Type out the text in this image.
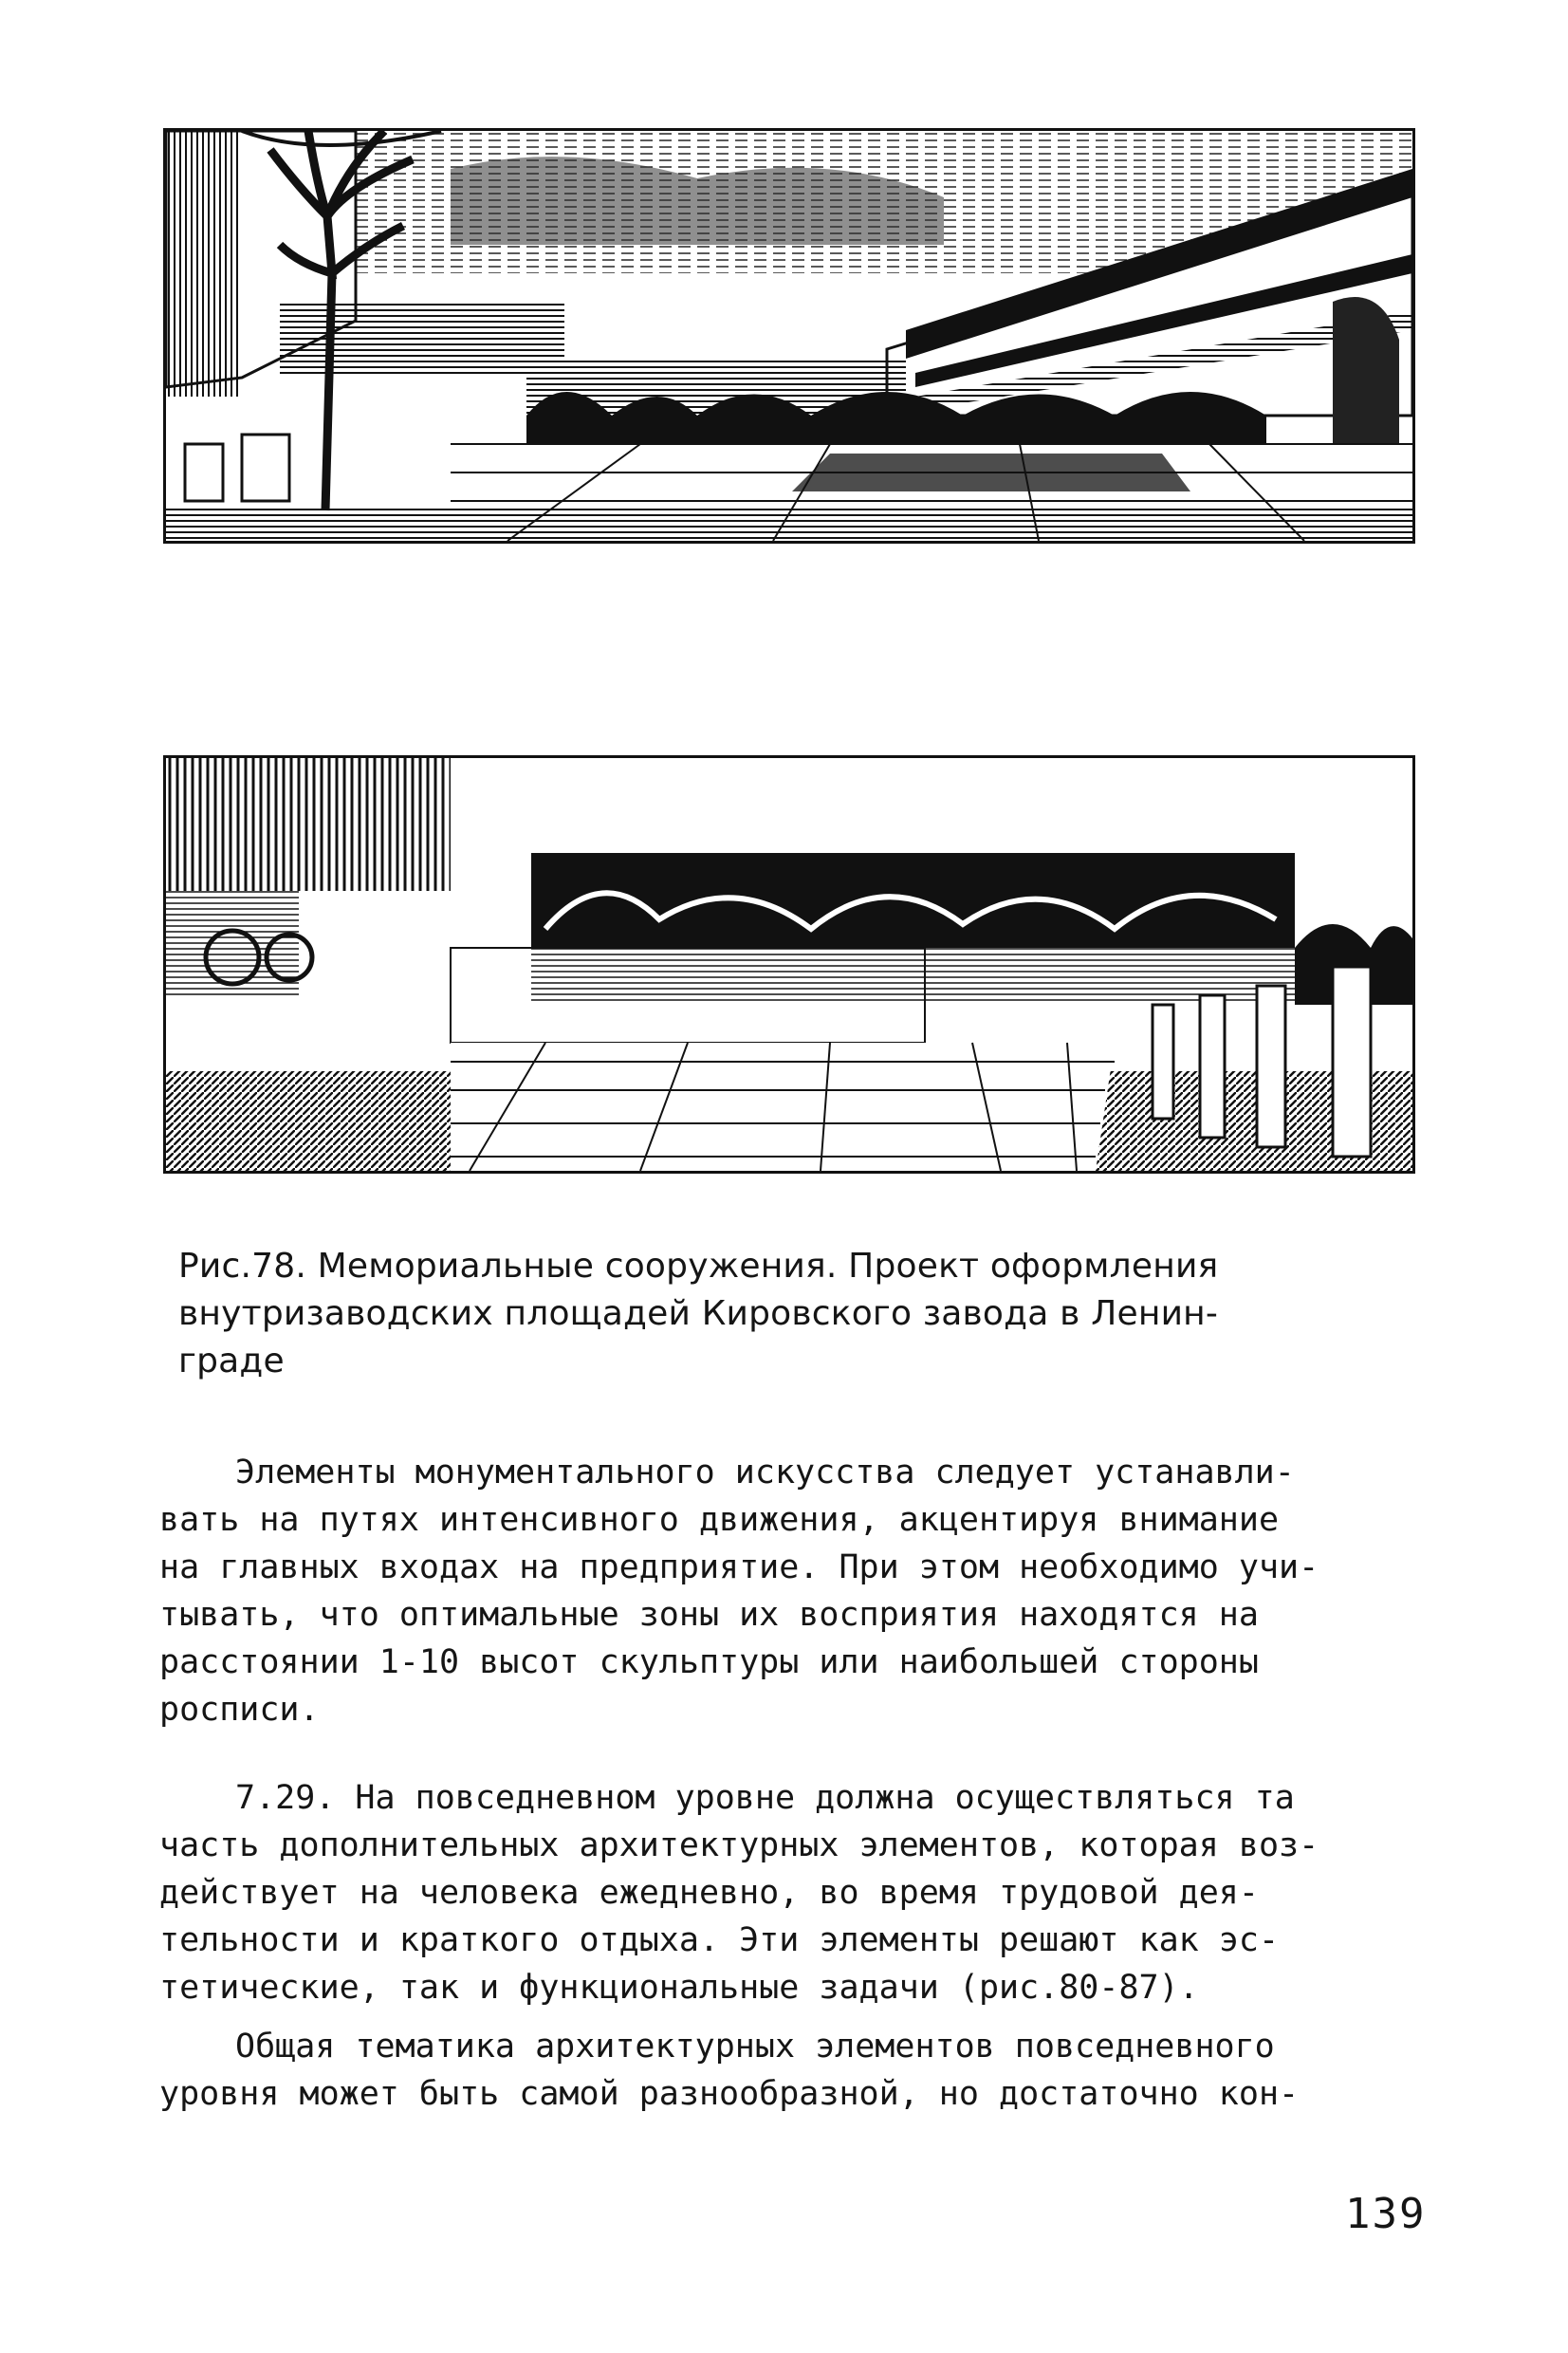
Рис.78. Мемориальные сооружения. Проект оформления

внутризаводских площадей Кировского завода в Ленин-

граде

Элементы монументального искусства следует устанавли-

вать на путях интенсивного движения, акцентируя внимание

на главных входах на предприятие. При этом необходимо учи-

тывать, что оптимальные зоны их восприятия находятся на

расстоянии 1-10 высот скульптуры или наибольшей стороны

росписи.

7.29. На повседневном уровне должна осуществляться та

часть дополнительных архитектурных элементов, которая воз-

действует на человека ежедневно, во время трудовой дея-

тельности и краткого отдыха. Эти элементы решают как эс-

тетические, так и функциональные задачи (рис.80-87).

Общая тематика архитектурных элементов повседневного

уровня может быть самой разнообразной, но достаточно кон-

139
